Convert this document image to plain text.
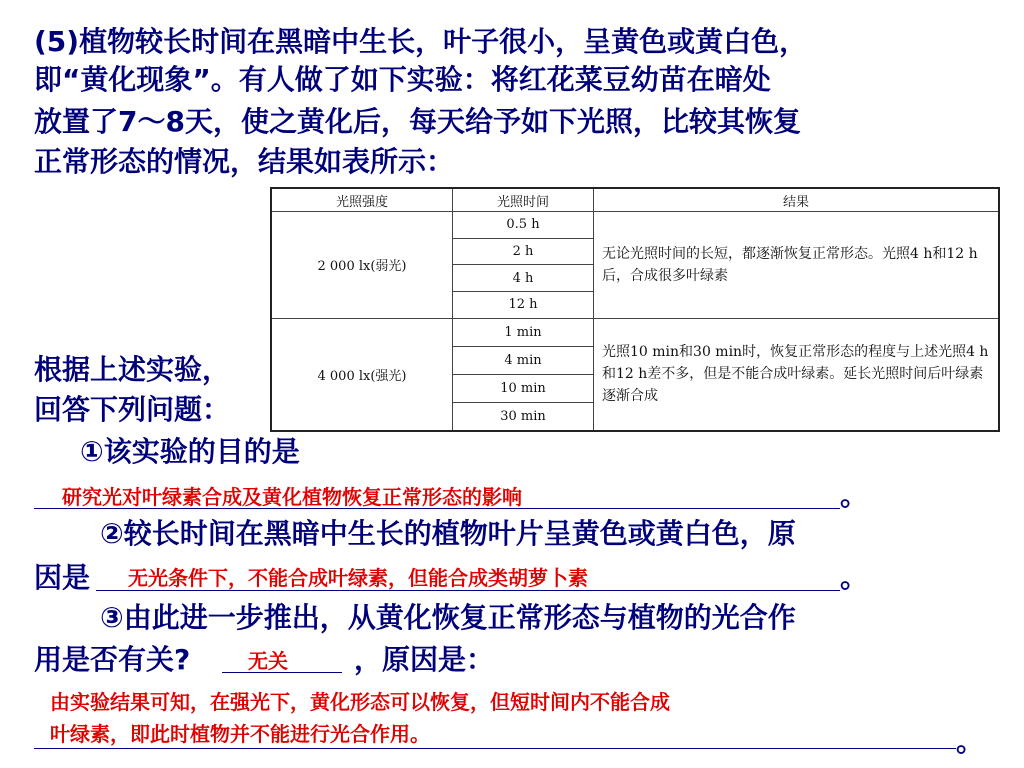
(5)植物较长时间在黑暗中生长，叶子很小，呈黄色或黄白色，
即“黄化现象”。有人做了如下实验：将红花菜豆幼苗在暗处
放置了7～8天，使之黄化后，每天给予如下光照，比较其恢复
正常形态的情况，结果如表所示：
光照强度	光照时间	结果
2 000 lx(弱光)	0.5 h	无论光照时间的长短，都逐渐恢复正常形态。光照4 h和12 h后，合成很多叶绿素
	2 h	
	4 h	
	12 h	
4 000 lx(强光)	1 min	光照10 min和30 min时，恢复正常形态的程度与上述光照4 h和12 h差不多，但是不能合成叶绿素。延长光照时间后叶绿素逐渐合成
	4 min	
	10 min	
	30 min	
根据上述实验，
回答下列问题：
①该实验的目的是
研究光对叶绿素合成及黄化植物恢复正常形态的影响	。
②较长时间在黑暗中生长的植物叶片呈黄色或黄白色，原
因是 无光条件下，不能合成叶绿素，但能合成类胡萝卜素	。
③由此进一步推出，从黄化恢复正常形态与植物的光合作
用是否有关?	无关 ，原因是：
由实验结果可知，在强光下，黄化形态可以恢复，但短时间内不能合成
叶绿素，即此时植物并不能进行光合作用。	。
